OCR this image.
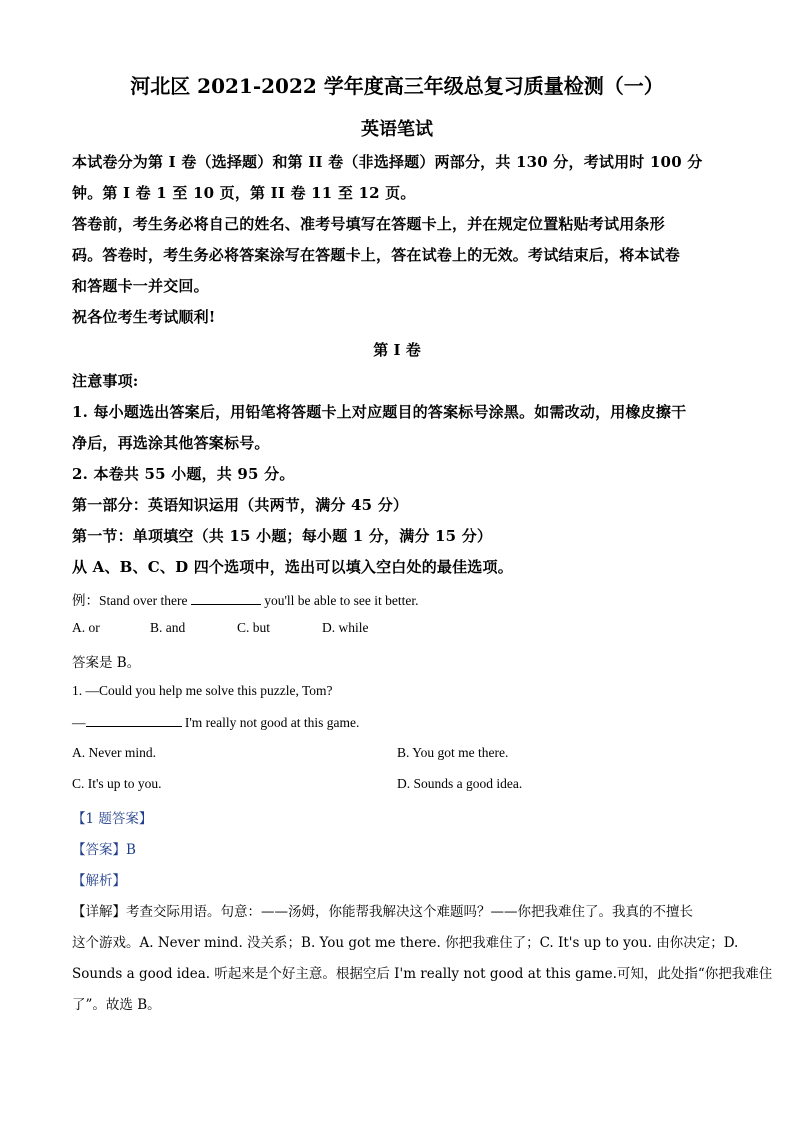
河北区 2021-2022 学年度高三年级总复习质量检测（一）
英语笔试
本试卷分为第 I 卷（选择题）和第 II 卷（非选择题）两部分，共 130 分，考试用时 100 分
钟。第 I 卷 1 至 10 页，第 II 卷 11 至 12 页。
答卷前，考生务必将自己的姓名、准考号填写在答题卡上，并在规定位置粘贴考试用条形
码。答卷时，考生务必将答案涂写在答题卡上，答在试卷上的无效。考试结束后，将本试卷
和答题卡一并交回。
祝各位考生考试顺利!
第 I 卷
注意事项:
1. 每小题选出答案后，用铅笔将答题卡上对应题目的答案标号涂黑。如需改动，用橡皮擦干
净后，再选涂其他答案标号。
2. 本卷共 55 小题，共 95 分。
第一部分：英语知识运用（共两节，满分 45 分）
第一节：单项填空（共 15 小题；每小题 1 分，满分 15 分）
从 A、B、C、D 四个选项中，选出可以填入空白处的最佳选项。
例：Stand over there	you'll be able to see it better.
A. or	B. and	C. but	D. while
答案是 B。
1. —Could you help me solve this puzzle, Tom?
—	I'm really not good at this game.
A. Never mind.	B. You got me there.
C. It's up to you.	D. Sounds a good idea.
【1 题答案】
【答案】B
【解析】
【详解】考查交际用语。句意：——汤姆，你能帮我解决这个难题吗？——你把我难住了。我真的不擅长
这个游戏。A. Never mind. 没关系；B. You got me there. 你把我难住了；C. It's up to you. 由你决定；D.
Sounds a good idea. 听起来是个好主意。根据空后 I'm really not good at this game.可知，此处指“你把我难住
了”。故选 B。
